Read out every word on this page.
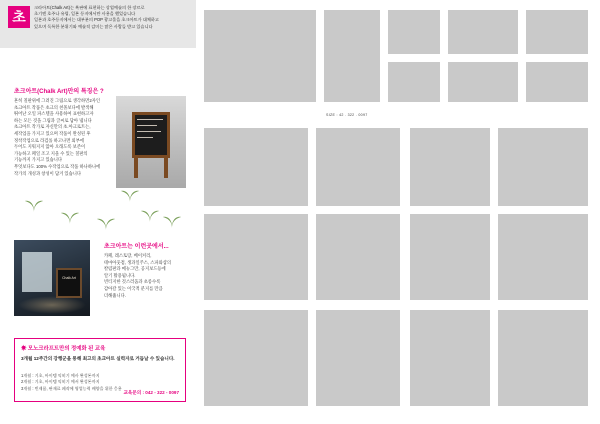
초

크라아트(Chalk Art)는 흑판에 표현하는 상업예술의 한 장르로

초기엔 호주나 유럽, 일본 등지에서만 사용을 했었습니다

일본과 호주등지에서는 대부분의 POP 광고물을 초크아트가 대체하고

있으며 독특한 분위기와 예술적 감미는 많은 사람들 받고 있습니다

초크아트(Chalk Art)만의 특징은 ?

흔히 칠판위에 그려진 그림으로 생각하면2자인

초크아트 작품은 초크의 천몰보다에 발색해

뛰어난 오일 파스텔을 사용하여 표현하고자

하는 모든 것을 그림과 글씨로 담아 냅니다

초크아트 작가로 자신만의 초.아크로트는,

세작업을 가지고 있으며 작품이 완성된 후

정착작업으로 라검롤 하고나면 외부에

두어도 지워지지 않아 오래도록 보존이

가능하고 페일 조고 지울 수 있는 칠판의

기능까지 가지고 있습니다

무엇보다도 100% 수작업으로 작품 하나하나에

작가의 개성과 창성이 담겨 있습니다

Chalk Art
초크아트는 이런곳에서...

카페, 레스토랑, 베이커리,

테마아웃점, 생과일주스, 스파와샵의

칼럼판과 메뉴그만, 공지보드등에

알기 활용됩니다.

빈티지한 것스러움과 초롱수록

감아갈 있는 이국적 분지를 만큼

더해줍니다.

☀ 모노크라프트만의 정예화 된 교육
3개월 12주간의 강행군을 통해 최고의 초크아트 실력자로 거듭날 수 있습니다.

1개월 : 기초, 아이템 익히기 예사 완성톤까지

2개월 : 기초, 아이템 익히기 예서 완성톤까지

3개월 : 빈제품, 판재료 페작에 영업능력 배양을 위한 응용

교육문의 : 042 - 322 - 0097
SIZE : 42 . 322 . 0097
